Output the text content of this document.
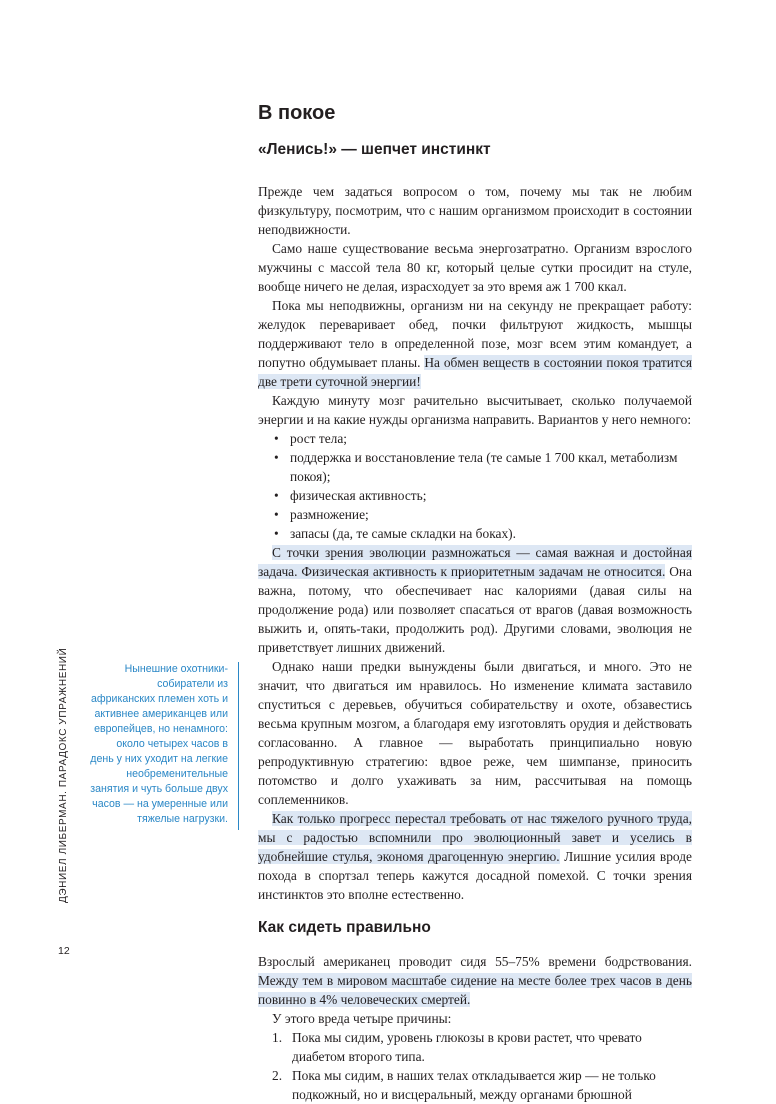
В покое
«Ленись!» — шепчет инстинкт

Прежде чем задаться вопросом о том, почему мы так не любим физкультуру, посмотрим, что с нашим организмом происходит в состоянии неподвижности.

Само наше существование весьма энергозатратно. Организм взрослого мужчины с массой тела 80 кг, который целые сутки просидит на стуле, вообще ничего не делая, израсходует за это время аж 1 700 ккал.

Пока мы неподвижны, организм ни на секунду не прекращает работу: желудок переваривает обед, почки фильтруют жидкость, мышцы поддерживают тело в определенной позе, мозг всем этим командует, а попутно обдумывает планы. На обмен веществ в состоянии покоя тратится две трети суточной энергии!

Каждую минуту мозг рачительно высчитывает, сколько получаемой энергии и на какие нужды организма направить. Вариантов у него немного:

• рост тела;
• поддержка и восстановление тела (те самые 1 700 ккал, метаболизм покоя);
• физическая активность;
• размножение;
• запасы (да, те самые складки на боках).

С точки зрения эволюции размножаться — самая важная и достойная задача. Физическая активность к приоритетным задачам не относится. Она важна, потому, что обеспечивает нас калориями (давая силы на продолжение рода) или позволяет спасаться от врагов (давая возможность выжить и, опять-таки, продолжить род). Другими словами, эволюция не приветствует лишних движений.

Однако наши предки вынуждены были двигаться, и много. Это не значит, что двигаться им нравилось. Но изменение климата заставило спуститься с деревьев, обучиться собирательству и охоте, обзавестись весьма крупным мозгом, а благодаря ему изготовлять орудия и действовать согласованно. А главное — выработать принципиально новую репродуктивную стратегию: вдвое реже, чем шимпанзе, приносить потомство и долго ухаживать за ним, рассчитывая на помощь соплеменников.

Как только прогресс перестал требовать от нас тяжелого ручного труда, мы с радостью вспомнили про эволюционный завет и уселись в удобнейшие стулья, экономя драгоценную энергию. Лишние усилия вроде похода в спортзал теперь кажутся досадной помехой. С точки зрения инстинктов это вполне естественно.

Как сидеть правильно

Взрослый американец проводит сидя 55–75% времени бодрствования. Между тем в мировом масштабе сидение на месте более трех часов в день повинно в 4% человеческих смертей.

У этого вреда четыре причины:

1. Пока мы сидим, уровень глюкозы в крови растет, что чревато диабетом второго типа.
2. Пока мы сидим, в наших телах откладывается жир — не только подкожный, но и висцеральный, между органами брюшной
Нынешние охотники-собиратели из африканских племен хоть и активнее американцев или европейцев, но ненамного: около четырех часов в день у них уходит на легкие необременительные занятия и чуть больше двух часов — на умеренные или тяжелые нагрузки.
ДЭНИЕЛ ЛИБЕРМАН. ПАРАДОКС УПРАЖНЕНИЙ
12
